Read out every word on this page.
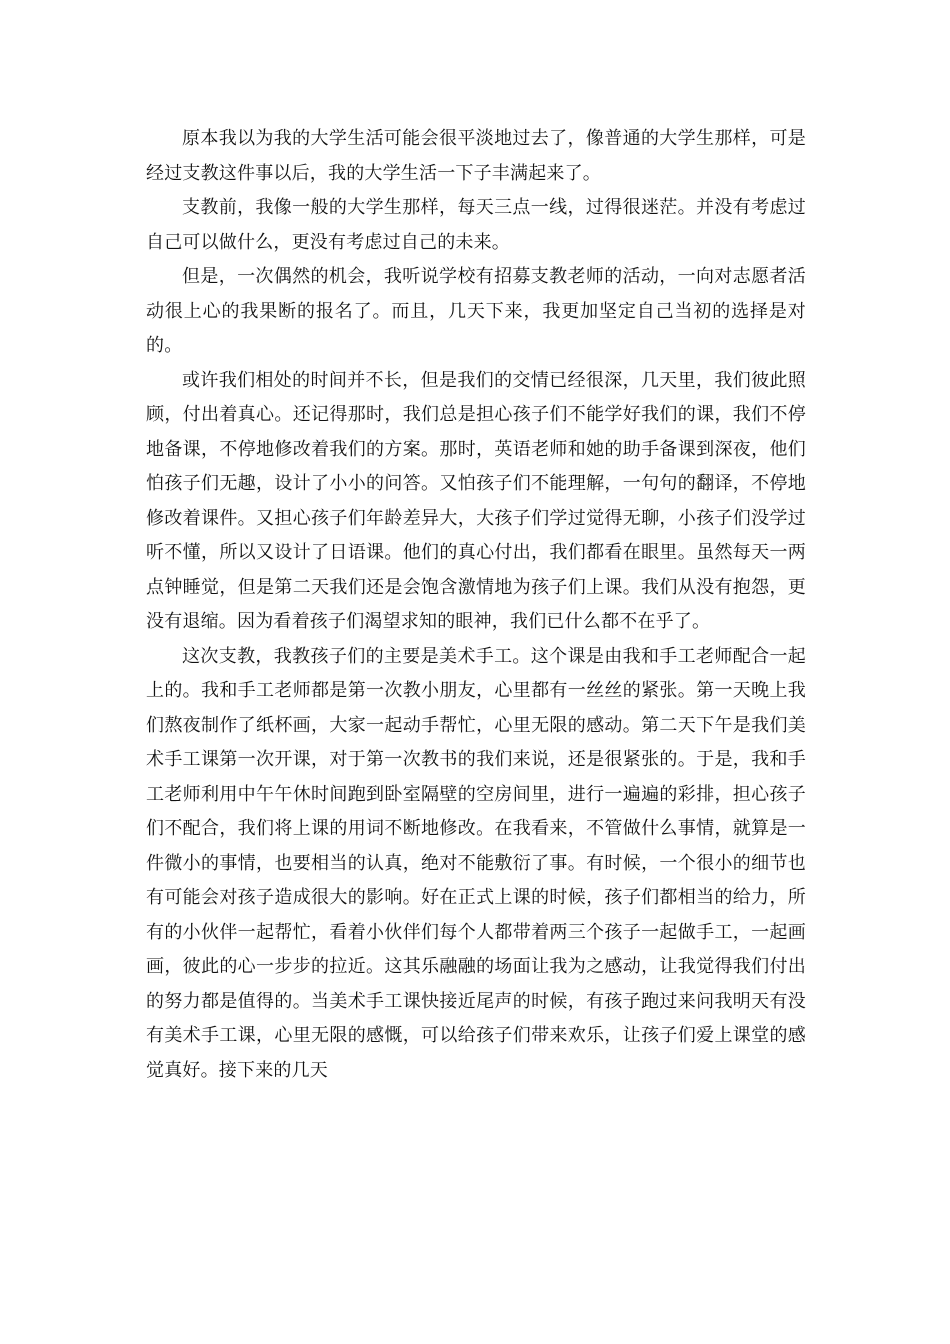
原本我以为我的大学生活可能会很平淡地过去了，像普通的大学生那样，可是经过支教这件事以后，我的大学生活一下子丰满起来了。

支教前，我像一般的大学生那样，每天三点一线，过得很迷茫。并没有考虑过自己可以做什么，更没有考虑过自己的未来。

但是，一次偶然的机会，我听说学校有招募支教老师的活动，一向对志愿者活动很上心的我果断的报名了。而且，几天下来，我更加坚定自己当初的选择是对的。

或许我们相处的时间并不长，但是我们的交情已经很深，几天里，我们彼此照顾，付出着真心。还记得那时，我们总是担心孩子们不能学好我们的课，我们不停地备课，不停地修改着我们的方案。那时，英语老师和她的助手备课到深夜，他们怕孩子们无趣，设计了小小的问答。又怕孩子们不能理解，一句句的翻译，不停地修改着课件。又担心孩子们年龄差异大，大孩子们学过觉得无聊，小孩子们没学过听不懂，所以又设计了日语课。他们的真心付出，我们都看在眼里。虽然每天一两点钟睡觉，但是第二天我们还是会饱含激情地为孩子们上课。我们从没有抱怨，更没有退缩。因为看着孩子们渴望求知的眼神，我们已什么都不在乎了。

这次支教，我教孩子们的主要是美术手工。这个课是由我和手工老师配合一起上的。我和手工老师都是第一次教小朋友，心里都有一丝丝的紧张。第一天晚上我们熬夜制作了纸杯画，大家一起动手帮忙，心里无限的感动。第二天下午是我们美术手工课第一次开课，对于第一次教书的我们来说，还是很紧张的。于是，我和手工老师利用中午午休时间跑到卧室隔壁的空房间里，进行一遍遍的彩排，担心孩子们不配合，我们将上课的用词不断地修改。在我看来，不管做什么事情，就算是一件微小的事情，也要相当的认真，绝对不能敷衍了事。有时候，一个很小的细节也有可能会对孩子造成很大的影响。好在正式上课的时候，孩子们都相当的给力，所有的小伙伴一起帮忙，看着小伙伴们每个人都带着两三个孩子一起做手工，一起画画，彼此的心一步步的拉近。这其乐融融的场面让我为之感动，让我觉得我们付出的努力都是值得的。当美术手工课快接近尾声的时候，有孩子跑过来问我明天有没有美术手工课，心里无限的感慨，可以给孩子们带来欢乐，让孩子们爱上课堂的感觉真好。接下来的几天
